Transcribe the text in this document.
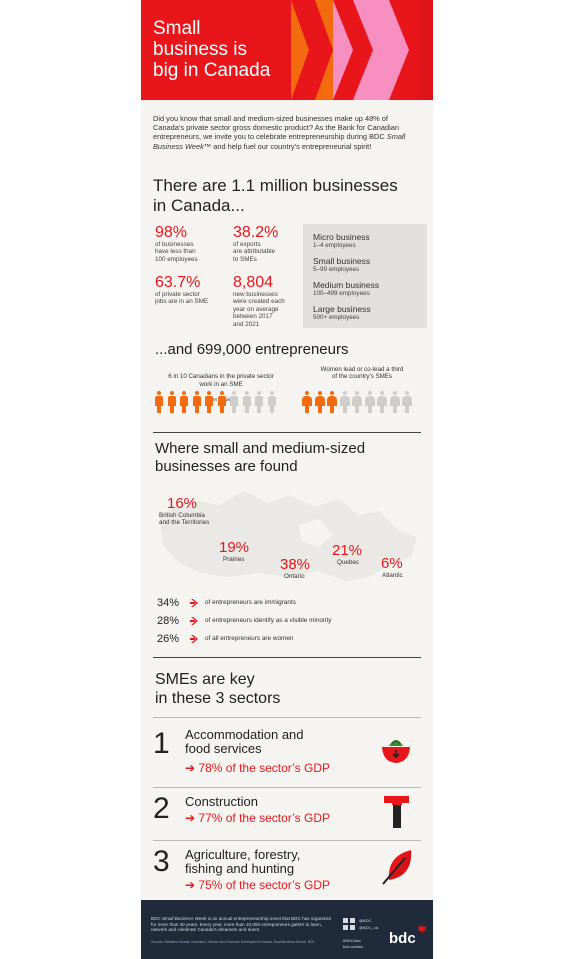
Small
business is
big in Canada
Did you know that small and medium-sized businesses make up 48% of Canada’s private sector gross domestic product? As the Bank for Canadian entrepreneurs, we invite you to celebrate entrepreneurship during BDC Small Business Week™ and help fuel our country’s entrepreneurial spirit!
There are 1.1 million businesses
in Canada...
98%
of businesses
have less than
100 employees
38.2%
of exports
are attributable
to SMEs
63.7%
of private sector
jobs are in an SME
8,804
new businesses
were created each
year on average
between 2017
and 2021
Micro business
1–4 employees
Small business
5–99 employees
Medium business
100–499 employees
Large business
500+ employees
...and 699,000 entrepreneurs

6 in 10 Canadians in the private sector
work in an SME

Women lead or co-lead a third
of the country’s SMEs
Where small and medium-sized
businesses are found
16%
British Columbia
and the Territories
19%
Prairies	38%
Ontario
21%
Quebec	6%
Atlantic
34%	of entrepreneurs are immigrants
28%	of entrepreneurs identify as a visible minority
26%	of all entrepreneurs are women
SMEs are key
in these 3 sectors
1 Accommodation and
food services
➔ 78% of the sector’s GDP
2 Construction
➔ 77% of the sector’s GDP
3 Agriculture, forestry,
fishing and hunting
➔ 75% of the sector’s GDP
BDC Small Business Week is an annual entrepreneurship event that BDC has organized for more than 40 years. Every year, more than 10,000 entrepreneurs gather to learn, network and celebrate Canada’s dreamers and doers.
Sources: Statistics Canada, Innovation, Science and Economic Development Canada, Small Business Branch, BDC
@BDC
@BDC_ca
#BDCsbw
bdc.ca/sbw bdc
